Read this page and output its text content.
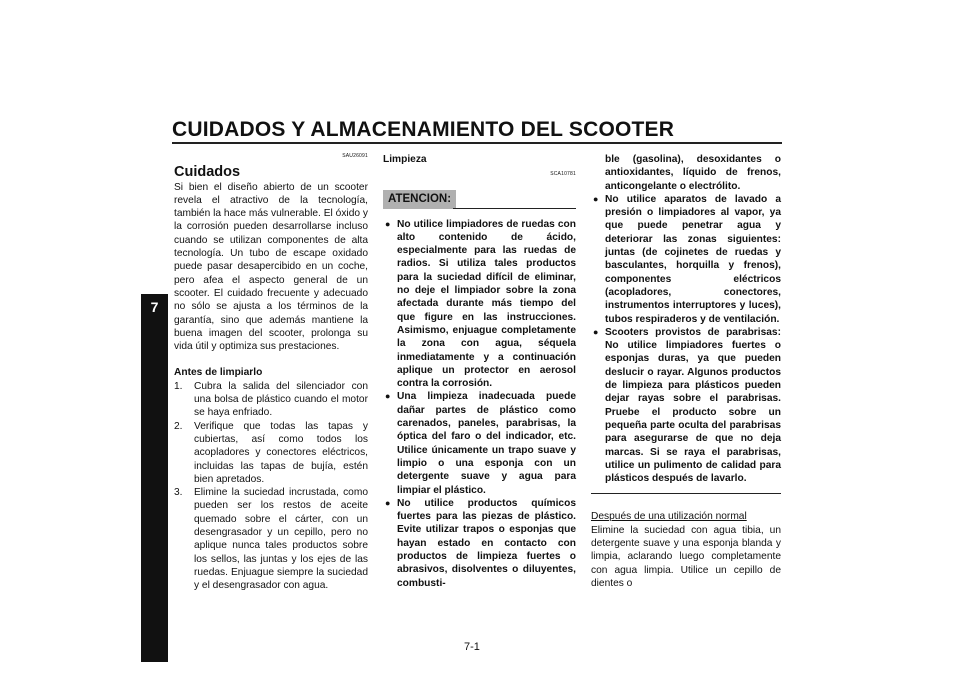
CUIDADOS Y ALMACENAMIENTO DEL SCOOTER
7
SAU26091
Cuidados

Si bien el diseño abierto de un scooter revela el atractivo de la tecnología, también la hace más vulnerable. El óxido y la corrosión pueden desarrollarse incluso cuando se utilizan componentes de alta tecnología. Un tubo de escape oxidado puede pasar desapercibido en un coche, pero afea el aspecto general de un scooter. El cuidado frecuente y adecuado no sólo se ajusta a los términos de la garantía, sino que además mantiene la buena imagen del scooter, prolonga su vida útil y optimiza sus prestaciones.

Antes de limpiarlo
1. Cubra la salida del silenciador con una bolsa de plástico cuando el motor se haya enfriado.
2. Verifique que todas las tapas y cubiertas, así como todos los acopladores y conectores eléctricos, incluidas las tapas de bujía, estén bien apretados.
3. Elimine la suciedad incrustada, como pueden ser los restos de aceite quemado sobre el cárter, con un desengrasador y un cepillo, pero no aplique nunca tales productos sobre los sellos, las juntas y los ejes de las ruedas. Enjuague siempre la suciedad y el desengrasador con agua.
Limpieza
SCA10781
ATENCION:
● No utilice limpiadores de ruedas con alto contenido de ácido, especialmente para las ruedas de radios. Si utiliza tales productos para la suciedad difícil de eliminar, no deje el limpiador sobre la zona afectada durante más tiempo del que figure en las instrucciones. Asimismo, enjuague completamente la zona con agua, séquela inmediatamente y a continuación aplique un protector en aerosol contra la corrosión.
● Una limpieza inadecuada puede dañar partes de plástico como carenados, paneles, parabrisas, la óptica del faro o del indicador, etc. Utilice únicamente un trapo suave y limpio o una esponja con un detergente suave y agua para limpiar el plástico.
● No utilice productos químicos fuertes para las piezas de plástico. Evite utilizar trapos o esponjas que hayan estado en contacto con productos de limpieza fuertes o abrasivos, disolventes o diluyentes, combusti-
ble (gasolina), desoxidantes o antioxidantes, líquido de frenos, anticongelante o electrólito.
● No utilice aparatos de lavado a presión o limpiadores al vapor, ya que puede penetrar agua y deteriorar las zonas siguientes: juntas (de cojinetes de ruedas y basculantes, horquilla y frenos), componentes eléctricos (acopladores, conectores, instrumentos interruptores y luces), tubos respiraderos y de ventilación.
● Scooters provistos de parabrisas: No utilice limpiadores fuertes o esponjas duras, ya que pueden deslucir o rayar. Algunos productos de limpieza para plásticos pueden dejar rayas sobre el parabrisas. Pruebe el producto sobre un pequeña parte oculta del parabrisas para asegurarse de que no deja marcas. Si se raya el parabrisas, utilice un pulimento de calidad para plásticos después de lavarlo.
Después de una utilización normal

Elimine la suciedad con agua tibia, un detergente suave y una esponja blanda y limpia, aclarando luego completamente con agua limpia. Utilice un cepillo de dientes o

7-1
